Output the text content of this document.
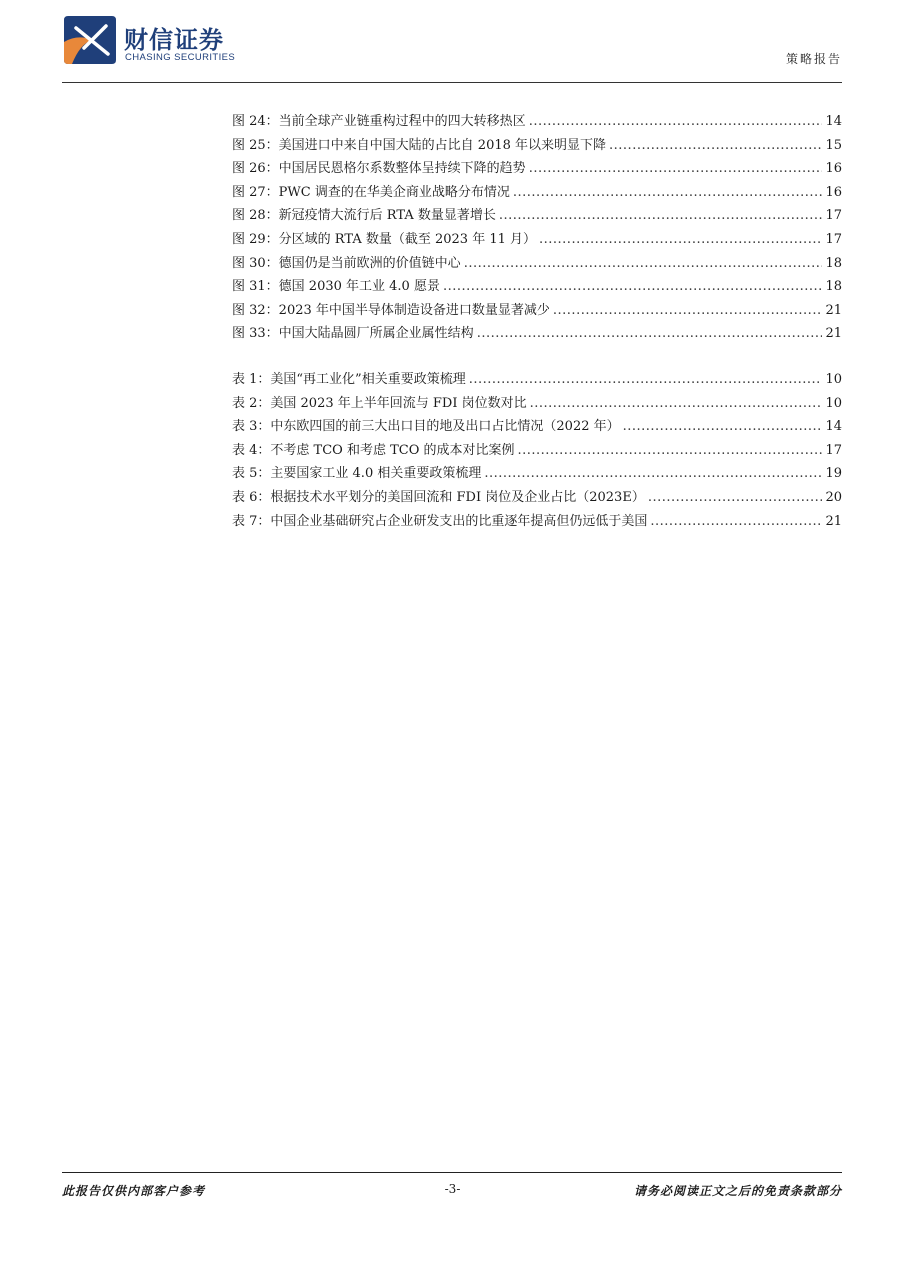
财信证券
CHASING SECURITIES	策略报告
图 24：当前全球产业链重构过程中的四大转移热区 .....	14
图 25：美国进口中来自中国大陆的占比自 2018 年以来明显下降 .....	15
图 26：中国居民恩格尔系数整体呈持续下降的趋势 .....	16
图 27：PWC 调查的在华美企商业战略分布情况 .....	16
图 28：新冠疫情大流行后 RTA 数量显著增长 .....	17
图 29：分区域的 RTA 数量（截至 2023 年 11 月） .....	17
图 30：德国仍是当前欧洲的价值链中心 .....	18
图 31：德国 2030 年工业 4.0 愿景 .....	18
图 32：2023 年中国半导体制造设备进口数量显著减少 .....	21
图 33：中国大陆晶圆厂所属企业属性结构 .....	21
表 1：美国“再工业化”相关重要政策梳理 .....	10
表 2：美国 2023 年上半年回流与 FDI 岗位数对比 .....	10
表 3：中东欧四国的前三大出口目的地及出口占比情况（2022 年） .....	14
表 4：不考虑 TCO 和考虑 TCO 的成本对比案例 .....	17
表 5：主要国家工业 4.0 相关重要政策梳理 .....	19
表 6：根据技术水平划分的美国回流和 FDI 岗位及企业占比（2023E） .....	20
表 7：中国企业基础研究占企业研发支出的比重逐年提高但仍远低于美国 .....	21
此报告仅供内部客户参考	-3-	请务必阅读正文之后的免责条款部分
